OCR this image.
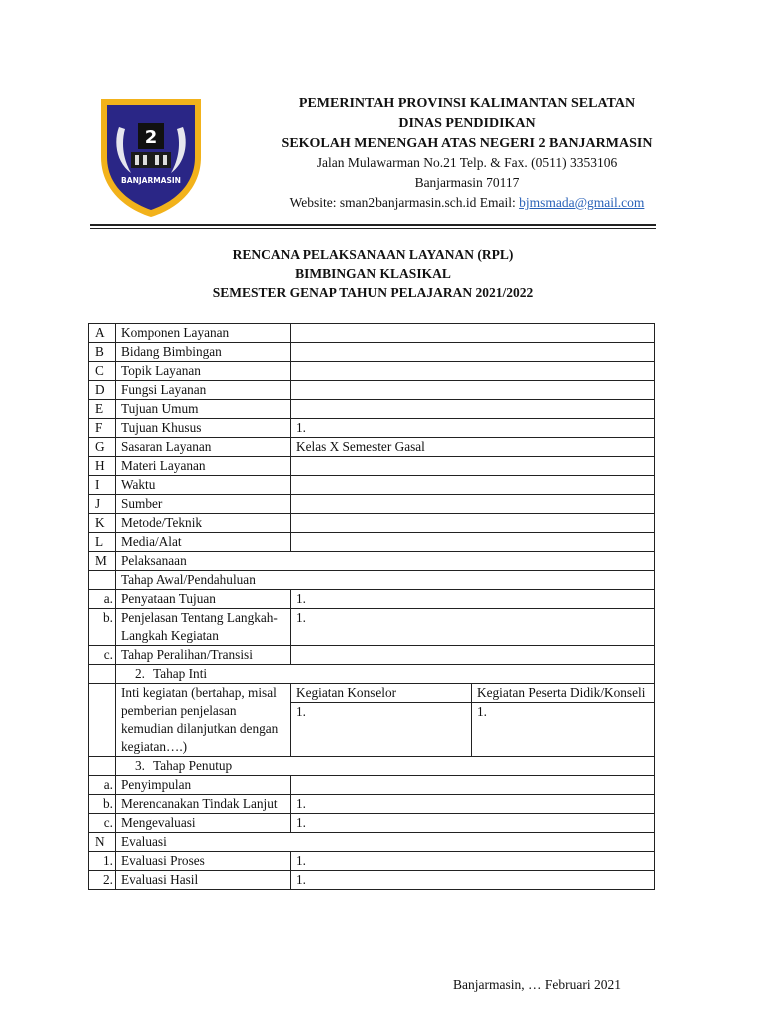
2
BANJARMASIN
PEMERINTAH PROVINSI KALIMANTAN SELATAN
DINAS PENDIDIKAN
SEKOLAH MENENGAH ATAS NEGERI 2 BANJARMASIN
Jalan Mulawarman No.21 Telp. & Fax. (0511) 3353106
Banjarmasin 70117
Website: sman2banjarmasin.sch.id Email: bjmsmada@gmail.com
RENCANA PELAKSANAAN LAYANAN (RPL)
BIMBINGAN KLASIKAL
SEMESTER GENAP TAHUN PELAJARAN 2021/2022
A	Komponen Layanan		
B	Bidang Bimbingan		
C	Topik Layanan		
D	Fungsi Layanan		
E	Tujuan Umum		
F	Tujuan Khusus	1.	
G	Sasaran Layanan	Kelas X Semester Gasal	
H	Materi Layanan		
I	Waktu		
J	Sumber		
K	Metode/Teknik		
L	Media/Alat		
M	Pelaksanaan		
	Tahap Awal/Pendahuluan		
	a. Penyataan Tujuan	1.	
	b. Penjelasan Tentang Langkah-Langkah Kegiatan	1.	
	c. Tahap Peralihan/Transisi		
	2. Tahap Inti		
	Inti kegiatan (bertahap, misal pemberian penjelasan kemudian dilanjutkan dengan kegiatan….)	Kegiatan Konselor	Kegiatan Peserta Didik/Konseli
		1.	1.
	3. Tahap Penutup		
	a. Penyimpulan		
	b. Merencanakan Tindak Lanjut	1.	
	c. Mengevaluasi	1.	
N	Evaluasi		
	1. Evaluasi Proses	1.	
	2. Evaluasi Hasil	1.	
Banjarmasin, … Februari 2021
